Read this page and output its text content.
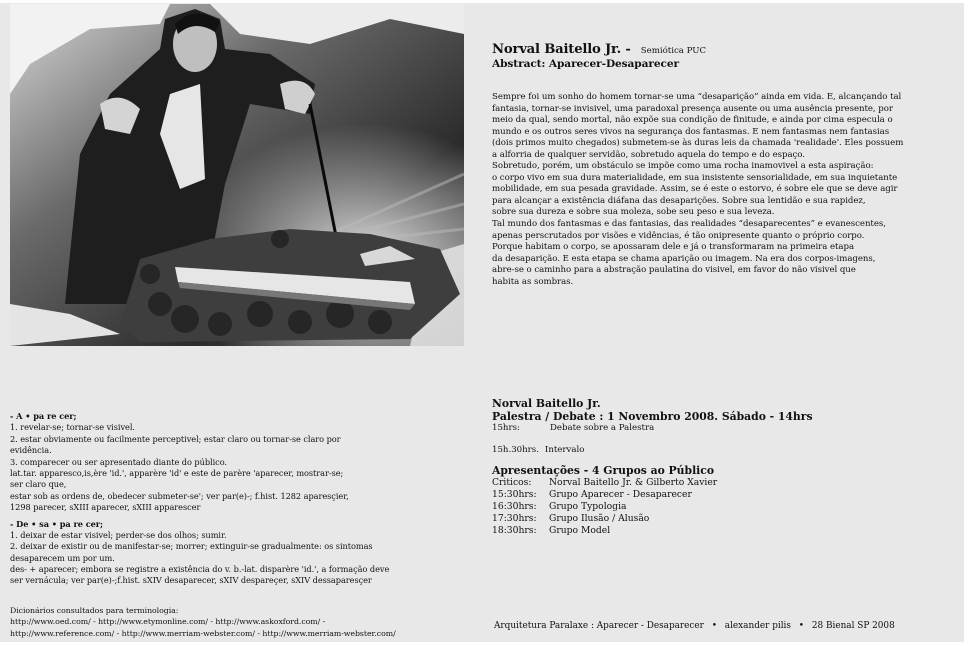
Norval Baitello Jr. - Semiótica PUC
Abstract: Aparecer-Desaparecer
Sempre foi um sonho do homem tornar-se uma “desaparição” ainda em vida. E, alcançando tal
fantasia, tornar-se invisivel, uma paradoxal presença ausente ou uma ausência presente, por
meio da qual, sendo mortal, não expõe sua condição de finitude, e ainda por cima especula o
mundo e os outros seres vivos na segurança dos fantasmas. E nem fantasmas nem fantasias
(dois primos muito chegados) submetem-se às duras leis da chamada 'realidade'. Eles possuem
a alforria de qualquer servidão, sobretudo aquela do tempo e do espaço.
Sobretudo, porém, um obstáculo se impõe como uma rocha inamovivel a esta aspiração:
o corpo vivo em sua dura materialidade, em sua insistente sensorialidade, em sua inquietante
mobilidade, em sua pesada gravidade. Assim, se é este o estorvo, é sobre ele que se deve agir
para alcançar a existência diáfana das desaparições. Sobre sua lentidão e sua rapidez,
sobre sua dureza e sobre sua moleza, sobe seu peso e sua leveza.
Tal mundo dos fantasmas e das fantasias, das realidades “desaparecentes” e evanescentes,
apenas perscrutados por visões e vidências, é tão onipresente quanto o próprio corpo.
Porque habitam o corpo, se apossaram dele e já o transformaram na primeira etapa
da desaparição. E esta etapa se chama aparição ou imagem. Na era dos corpos-imagens,
abre-se o caminho para a abstração paulatina do visivel, em favor do não visivel que
habita as sombras.
- A • pa re cer;
1. revelar-se; tornar-se visivel.
2. estar obviamente ou facilmente perceptivel; estar claro ou tornar-se claro por
evidência.
3. comparecer ou ser apresentado diante do público.
lat.tar. apparesco,is,ère 'id.', apparère 'id' e este de parère 'aparecer, mostrar-se;
ser claro que,
estar sob as ordens de, obedecer submeter-se'; ver par(e)-; f.hist. 1282 aparesçier,
1298 parecer, sXIII aparecer, sXIII apparescer
- De • sa • pa re cer;
1. deixar de estar visivel; perder-se dos olhos; sumir.
2. deixar de existir ou de manifestar-se; morrer; extinguir-se gradualmente: os sintomas
desaparecem um por um.
des- + aparecer; embora se registre a existência do v. b.-lat. disparère 'id.', a formação deve
ser vernácula; ver par(e)-;f.hist. sXIV desaparecer, sXIV despareçer, sXIV dessaparesçer
Dicionários consultados para terminologia:
http://www.oed.com/ - http://www.etymonline.com/ - http://www.askoxford.com/ -
http://www.reference.com/ - http://www.merriam-webster.com/ - http://www.merriam-webster.com/
Norval Baitello Jr.
Palestra / Debate : 1 Novembro 2008. Sábado - 14hrs
15hrs:	Debate sobre a Palestra
15h.30hrs. Intervalo
Apresentações - 4 Grupos ao Público
Criticos:	Norval Baitello Jr. & Gilberto Xavier
15:30hrs:	Grupo Aparecer - Desaparecer
16:30hrs:	Grupo Typologia
17:30hrs:	Grupo Ilusão / Alusão
18:30hrs:	Grupo Model
Arquitetura Paralaxe : Aparecer - Desaparecer • alexander pilis • 28 Bienal SP 2008
